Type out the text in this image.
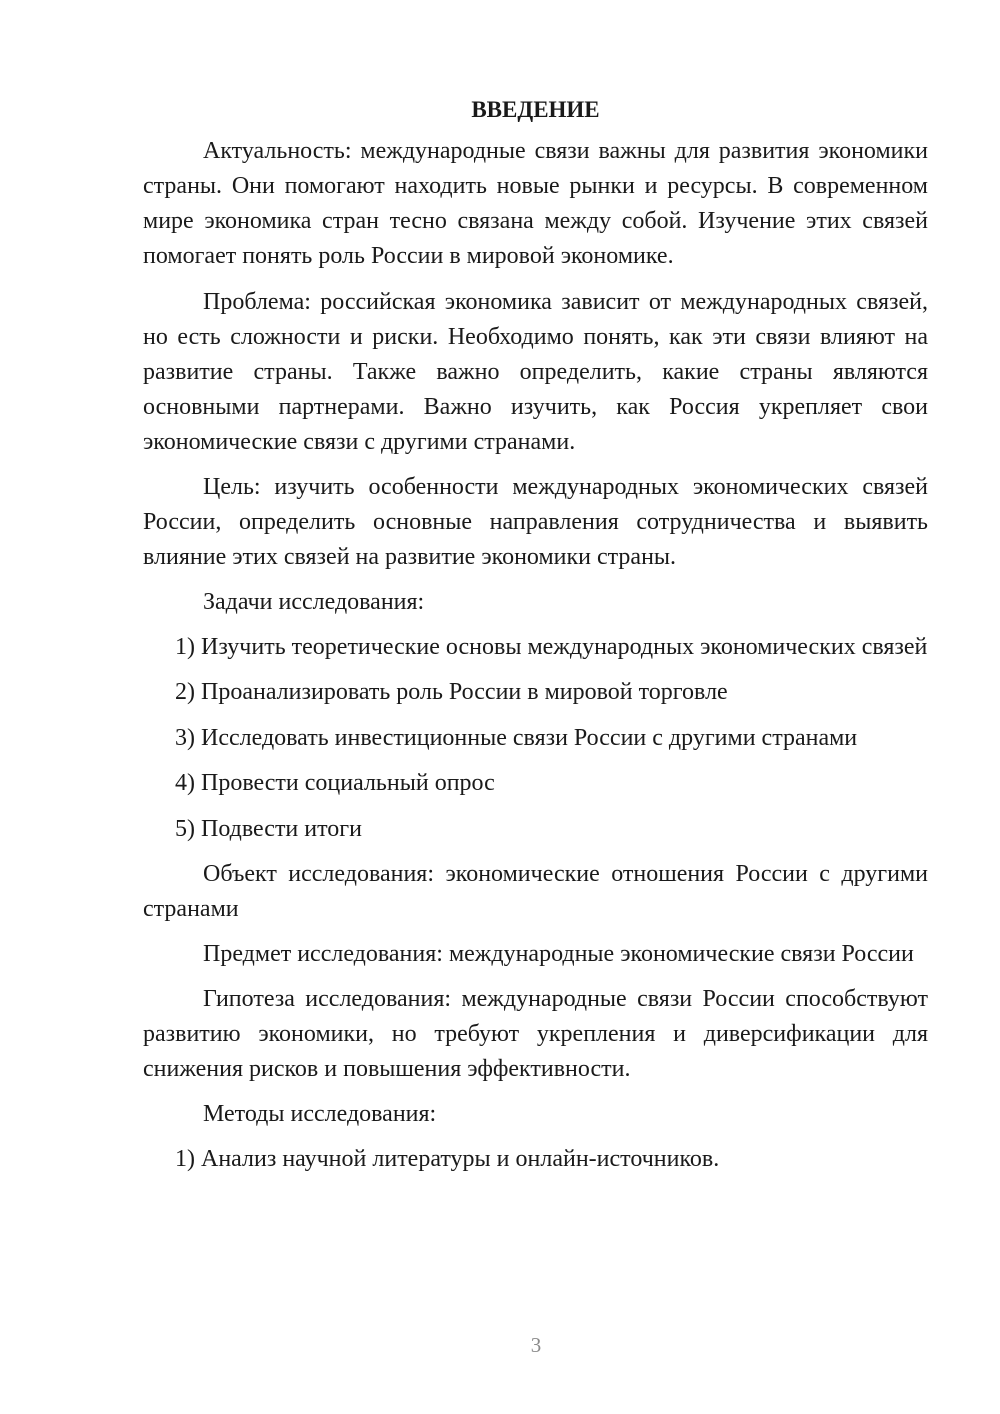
ВВЕДЕНИЕ

Актуальность: международные связи важны для развития экономики страны. Они помогают находить новые рынки и ресурсы. В современном мире экономика стран тесно связана между собой. Изучение этих связей помогает понять роль России в мировой экономике.

Проблема: российская экономика зависит от международных связей, но есть сложности и риски. Необходимо понять, как эти связи влияют на развитие страны. Также важно определить, какие страны являются основными партнерами. Важно изучить, как Россия укрепляет свои экономические связи с другими странами.

Цель: изучить особенности международных экономических связей России, определить основные направления сотрудничества и выявить влияние этих связей на развитие экономики страны.

Задачи исследования:

1) Изучить теоретические основы международных экономических связей

2) Проанализировать роль России в мировой торговле

3) Исследовать инвестиционные связи России с другими странами

4) Провести социальный опрос

5) Подвести итоги

Объект исследования: экономические отношения России с другими странами

Предмет исследования: международные экономические связи России

Гипотеза исследования: международные связи России способствуют развитию экономики, но требуют укрепления и диверсификации для снижения рисков и повышения эффективности.

Методы исследования:

1) Анализ научной литературы и онлайн-источников.

3
